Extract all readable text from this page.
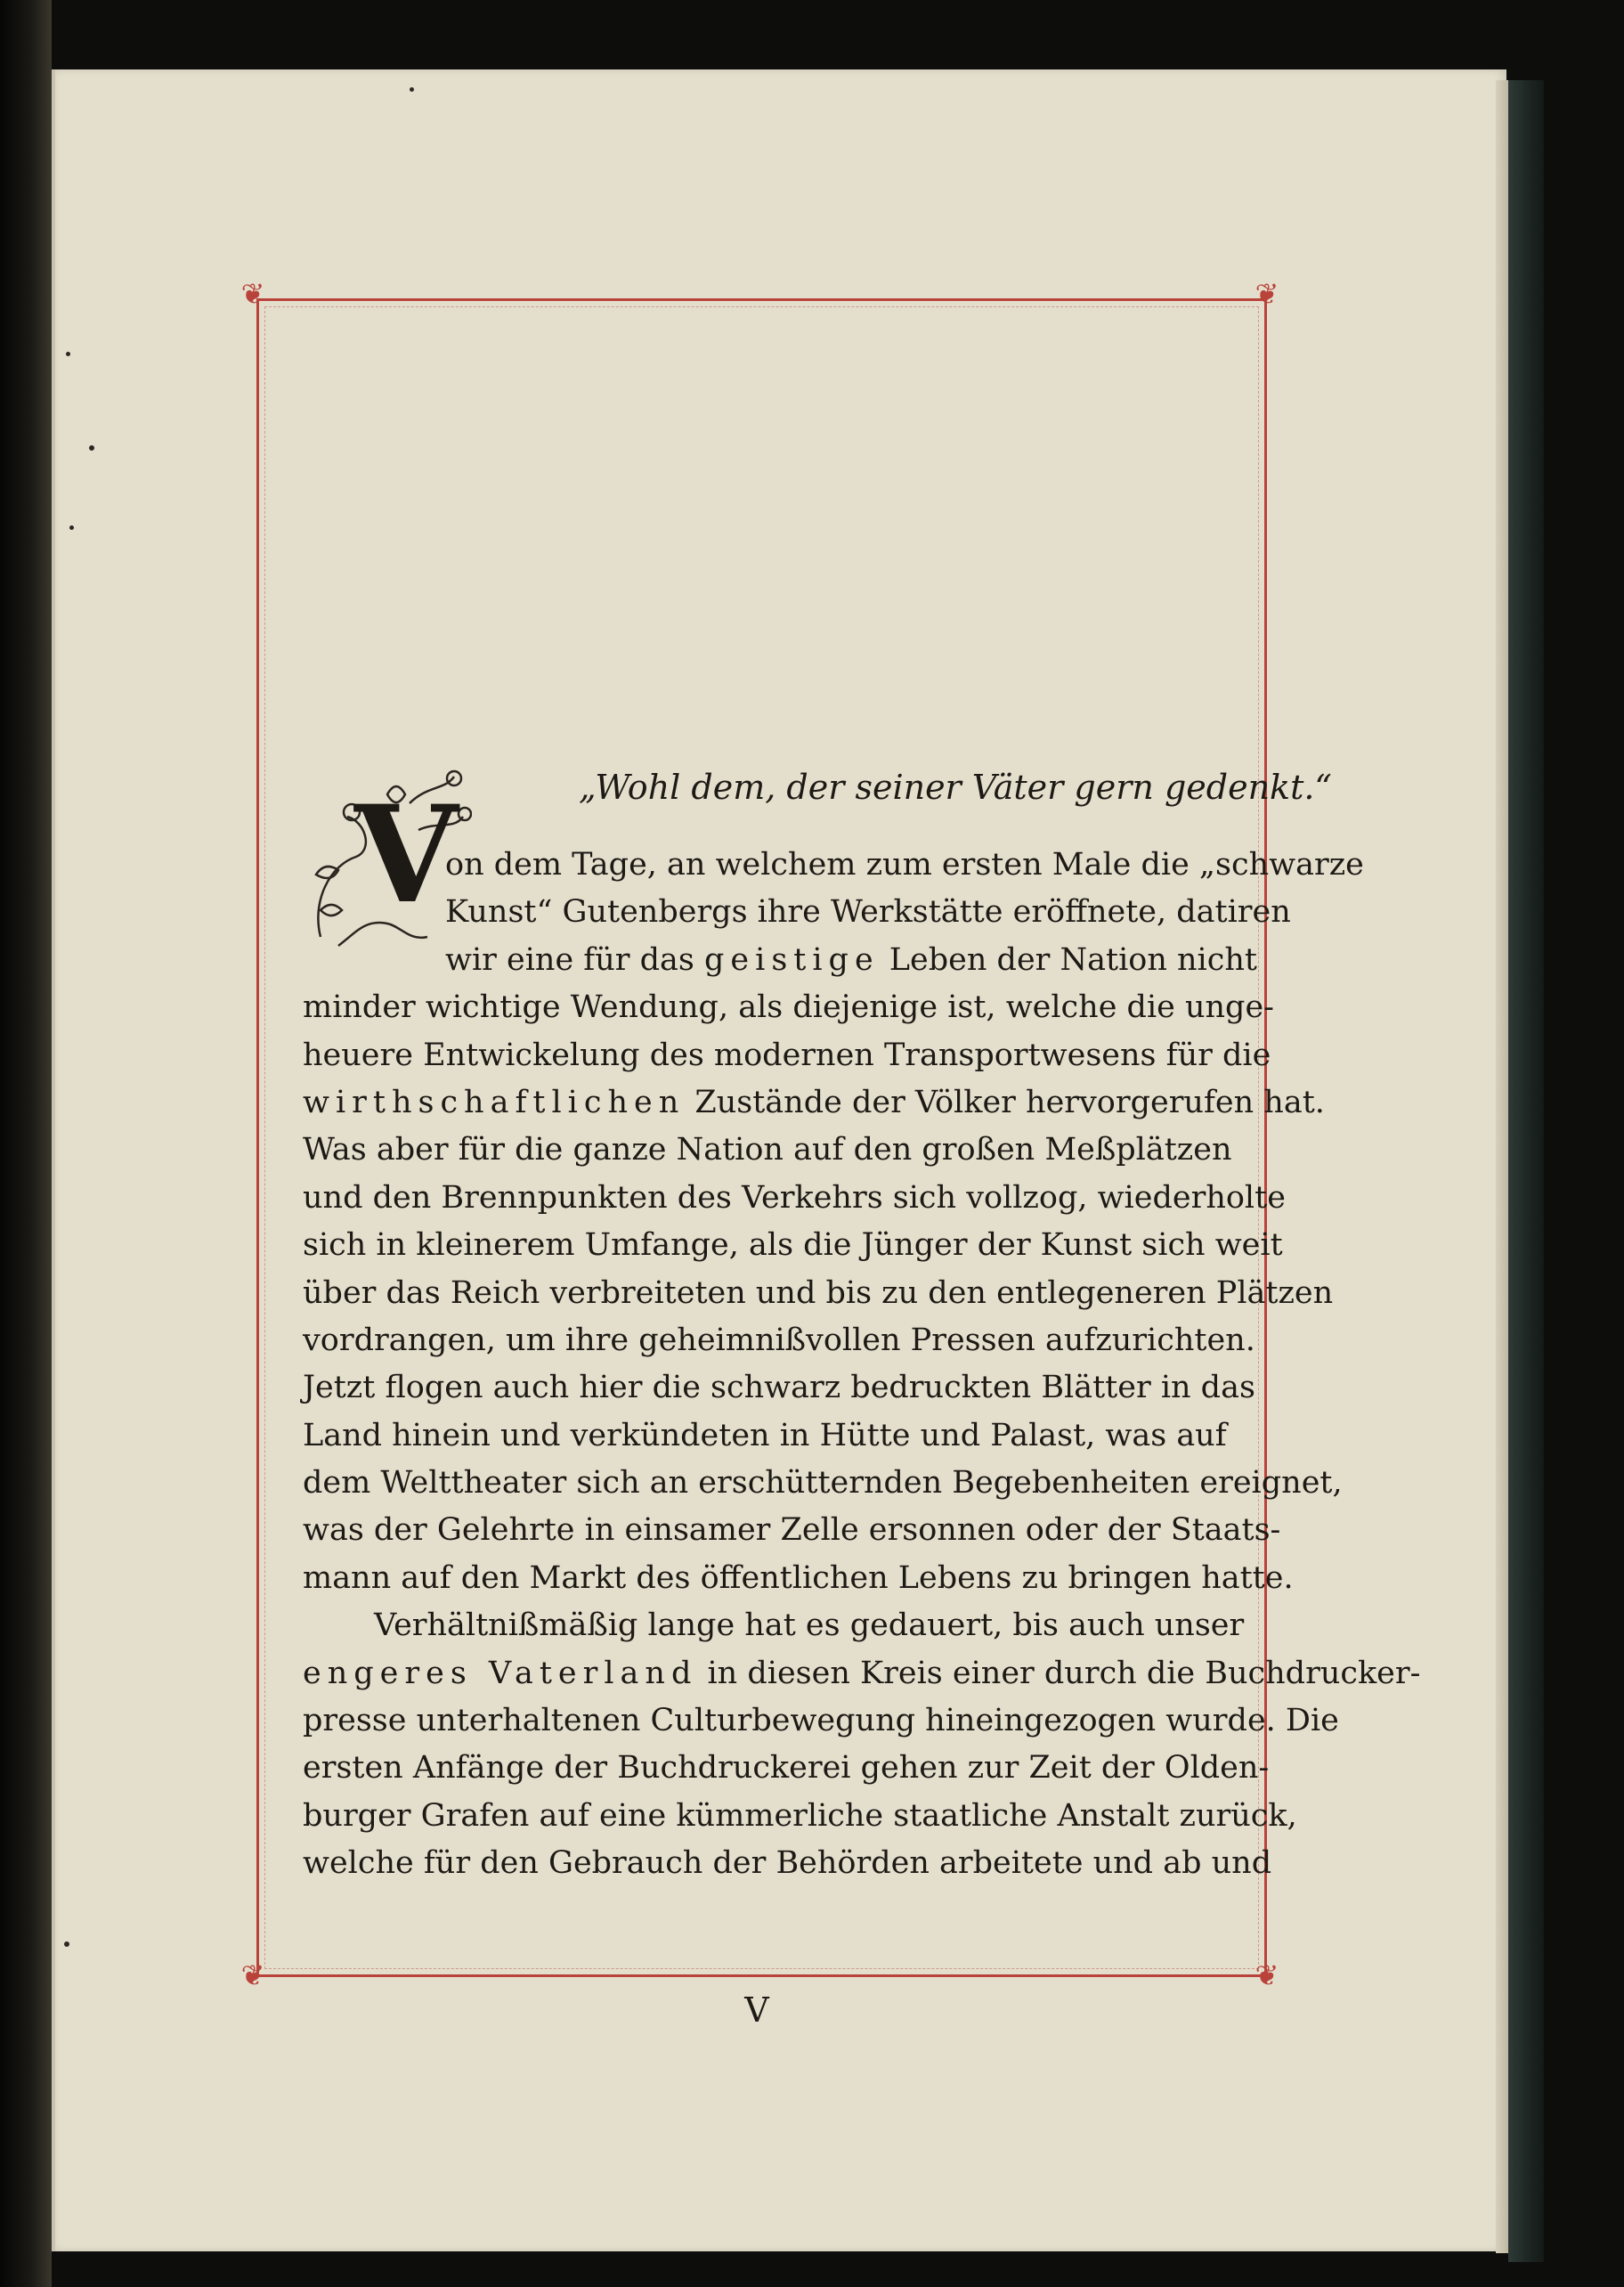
❦	❦
❦	❦
„Wohl dem, der seiner Väter gern gedenkt.“
V
on dem Tage, an welchem zum ersten Male die „schwarze
Kunst“ Gutenbergs ihre Werkstätte eröffnete, datiren
wir eine für das geistige Leben der Nation nicht
minder wichtige Wendung, als diejenige ist, welche die unge-
heuere Entwickelung des modernen Transportwesens für die
wirthschaftlichen Zustände der Völker hervorgerufen hat.
Was aber für die ganze Nation auf den großen Meßplätzen
und den Brennpunkten des Verkehrs sich vollzog, wiederholte
sich in kleinerem Umfange, als die Jünger der Kunst sich weit
über das Reich verbreiteten und bis zu den entlegeneren Plätzen
vordrangen, um ihre geheimnißvollen Pressen aufzurichten.
Jetzt flogen auch hier die schwarz bedruckten Blätter in das
Land hinein und verkündeten in Hütte und Palast, was auf
dem Welttheater sich an erschütternden Begebenheiten ereignet,
was der Gelehrte in einsamer Zelle ersonnen oder der Staats-
mann auf den Markt des öffentlichen Lebens zu bringen hatte.
Verhältnißmäßig lange hat es gedauert, bis auch unser
engeres Vaterland in diesen Kreis einer durch die Buchdrucker-
presse unterhaltenen Culturbewegung hineingezogen wurde. Die
ersten Anfänge der Buchdruckerei gehen zur Zeit der Olden-
burger Grafen auf eine kümmerliche staatliche Anstalt zurück,
welche für den Gebrauch der Behörden arbeitete und ab und
V
